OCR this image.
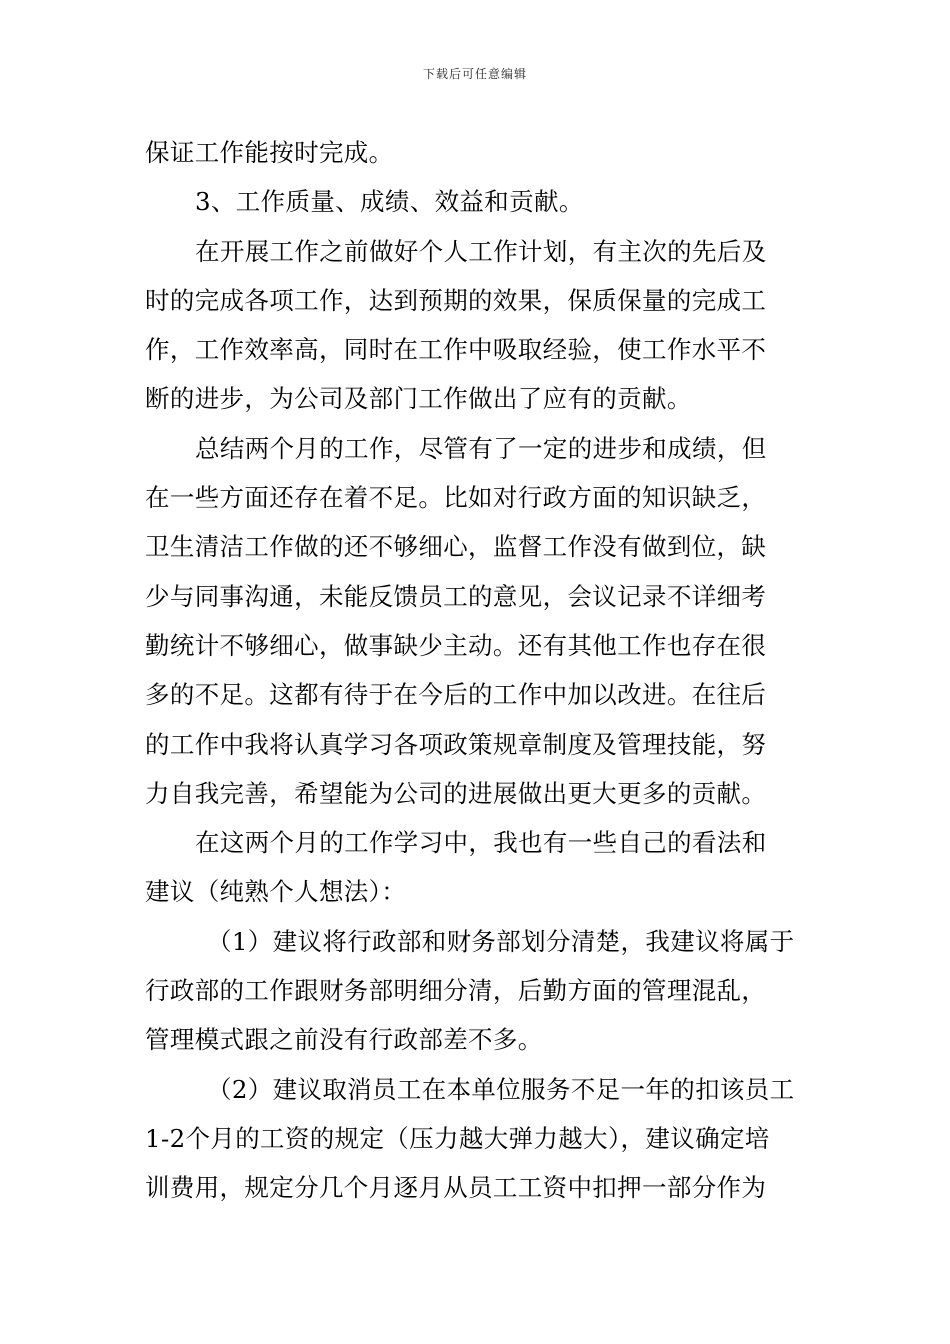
下载后可任意编辑
保证工作能按时完成。
3、工作质量、成绩、效益和贡献。
在开展工作之前做好个人工作计划，有主次的先后及
时的完成各项工作，达到预期的效果，保质保量的完成工
作，工作效率高，同时在工作中吸取经验，使工作水平不
断的进步，为公司及部门工作做出了应有的贡献。
总结两个月的工作，尽管有了一定的进步和成绩，但
在一些方面还存在着不足。比如对行政方面的知识缺乏，
卫生清洁工作做的还不够细心，监督工作没有做到位，缺
少与同事沟通，未能反馈员工的意见，会议记录不详细考
勤统计不够细心，做事缺少主动。还有其他工作也存在很
多的不足。这都有待于在今后的工作中加以改进。在往后
的工作中我将认真学习各项政策规章制度及管理技能，努
力自我完善，希望能为公司的进展做出更大更多的贡献。
在这两个月的工作学习中，我也有一些自己的看法和
建议（纯熟个人想法）：
（1）建议将行政部和财务部划分清楚，我建议将属于
行政部的工作跟财务部明细分清，后勤方面的管理混乱，
管理模式跟之前没有行政部差不多。
（2）建议取消员工在本单位服务不足一年的扣该员工
1-2个月的工资的规定（压力越大弹力越大），建议确定培
训费用，规定分几个月逐月从员工工资中扣押一部分作为
